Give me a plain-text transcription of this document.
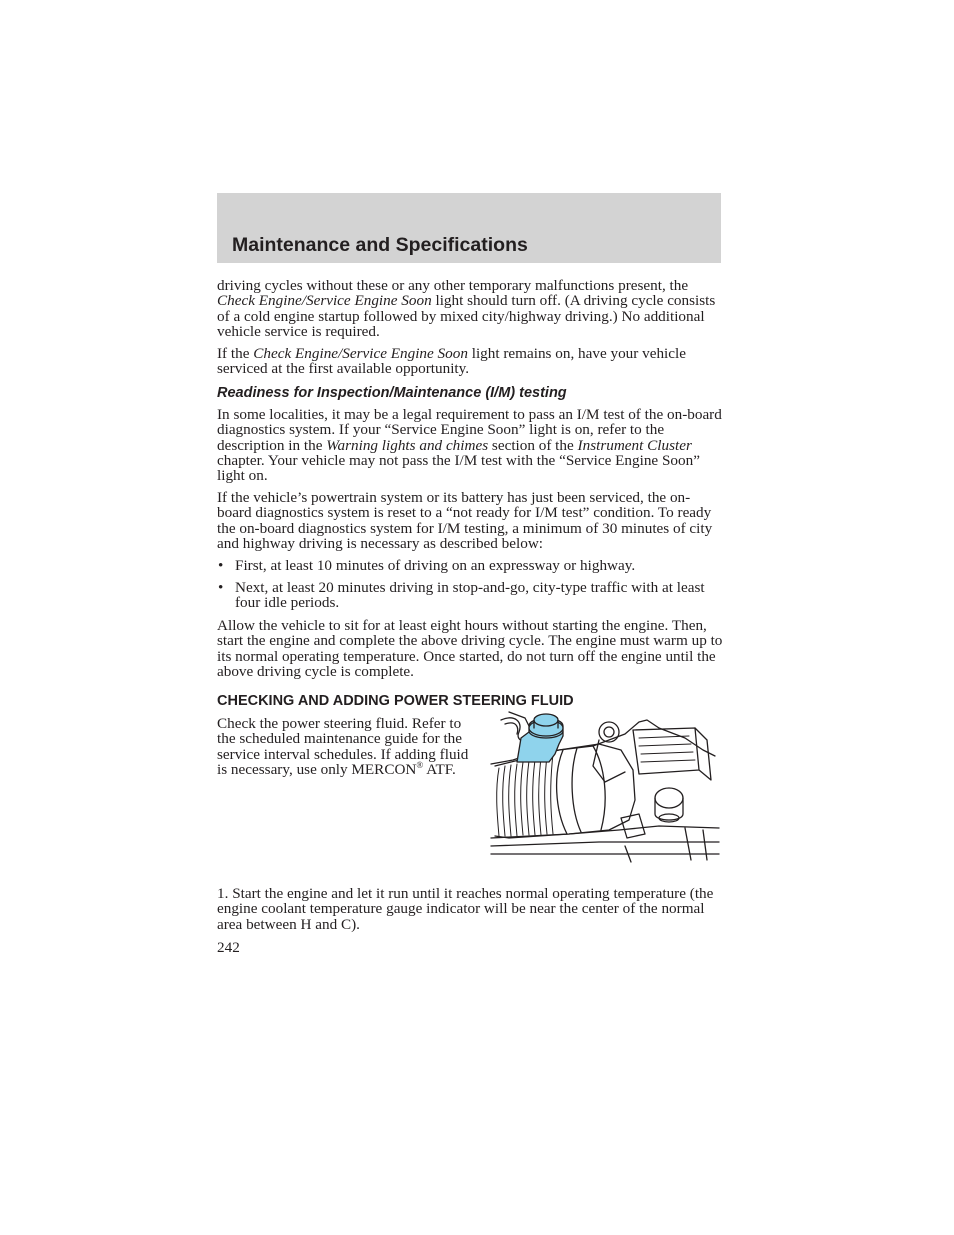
Maintenance and Specifications

driving cycles without these or any other temporary malfunctions present, the Check Engine/Service Engine Soon light should turn off. (A driving cycle consists of a cold engine startup followed by mixed city/highway driving.) No additional vehicle service is required.

If the Check Engine/Service Engine Soon light remains on, have your vehicle serviced at the first available opportunity.

Readiness for Inspection/Maintenance (I/M) testing

In some localities, it may be a legal requirement to pass an I/M test of the on-board diagnostics system. If your “Service Engine Soon” light is on, refer to the description in the Warning lights and chimes section of the Instrument Cluster chapter. Your vehicle may not pass the I/M test with the “Service Engine Soon” light on.

If the vehicle’s powertrain system or its battery has just been serviced, the on-board diagnostics system is reset to a “not ready for I/M test” condition. To ready the on-board diagnostics system for I/M testing, a minimum of 30 minutes of city and highway driving is necessary as described below:

• First, at least 10 minutes of driving on an expressway or highway.
• Next, at least 20 minutes driving in stop-and-go, city-type traffic with at least four idle periods.

Allow the vehicle to sit for at least eight hours without starting the engine. Then, start the engine and complete the above driving cycle. The engine must warm up to its normal operating temperature. Once started, do not turn off the engine until the above driving cycle is complete.

CHECKING AND ADDING POWER STEERING FLUID
Check the power steering fluid. Refer to the scheduled maintenance guide for the service interval schedules. If adding fluid is necessary, use only MERCON® ATF.

1. Start the engine and let it run until it reaches normal operating temperature (the engine coolant temperature gauge indicator will be near the center of the normal area between H and C).

242
